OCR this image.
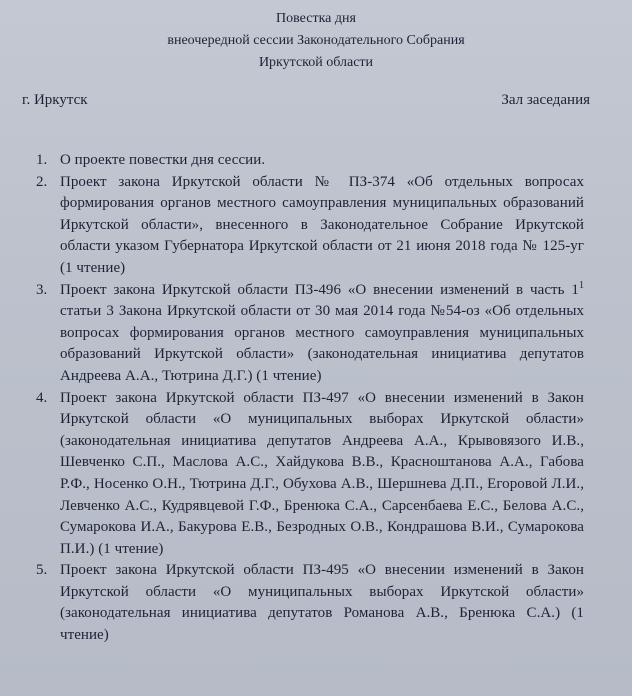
Повестка дня
внеочередной сессии Законодательного Собрания
Иркутской области
г. Иркутск	Зал заседания
1. О проекте повестки дня сессии.
2. Проект закона Иркутской области № ПЗ-374 «Об отдельных вопросах формирования органов местного самоуправления муниципальных образований Иркутской области», внесенного в Законодательное Собрание Иркутской области указом Губернатора Иркутской области от 21 июня 2018 года № 125-уг (1 чтение)
3. Проект закона Иркутской области ПЗ-496 «О внесении изменений в часть $1^1$ статьи 3 Закона Иркутской области от 30 мая 2014 года №54-оз «Об отдельных вопросах формирования органов местного самоуправления муниципальных образований Иркутской области» (законодательная инициатива депутатов Андреева А.А., Тютрина Д.Г.) (1 чтение)
4. Проект закона Иркутской области ПЗ-497 «О внесении изменений в Закон Иркутской области «О муниципальных выборах Иркутской области» (законодательная инициатива депутатов Андреева А.А., Крывовязого И.В., Шевченко С.П., Маслова А.С., Хайдукова В.В., Красноштанова А.А., Габова Р.Ф., Носенко О.Н., Тютрина Д.Г., Обухова А.В., Шершнева Д.П., Егоровой Л.И., Левченко А.С., Кудрявцевой Г.Ф., Бренюка С.А., Сарсенбаева Е.С., Белова А.С., Сумарокова И.А., Бакурова Е.В., Безродных О.В., Кондрашова В.И., Сумарокова П.И.) (1 чтение)
5. Проект закона Иркутской области ПЗ-495 «О внесении изменений в Закон Иркутской области «О муниципальных выборах Иркутской области» (законодательная инициатива депутатов Романова А.В., Бренюка С.А.) (1 чтение)
